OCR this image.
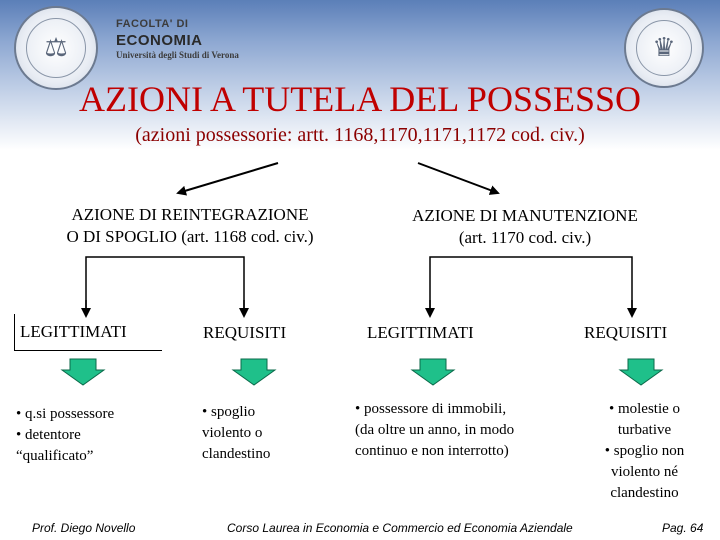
⚖
FACOLTA' DI
ECONOMIA
Università degli Studi di Verona	♛
AZIONI A TUTELA DEL POSSESSO
(azioni possessorie: artt. 1168,1170,1171,1172 cod. civ.)
AZIONE DI REINTEGRAZIONE
O DI SPOGLIO (art. 1168 cod. civ.)
AZIONE DI MANUTENZIONE
(art. 1170 cod. civ.)
LEGITTIMATI	REQUISITI	LEGITTIMATI	REQUISITI
• q.si possessore
• detentore
“qualificato”
• spoglio
violento o
clandestino
• possessore di immobili,
(da oltre un anno, in modo
continuo e non interrotto)
• molestie o
turbative
• spoglio non
violento né
clandestino
Prof. Diego Novello	Corso Laurea in Economia e Commercio ed Economia Aziendale	Pag. 64
